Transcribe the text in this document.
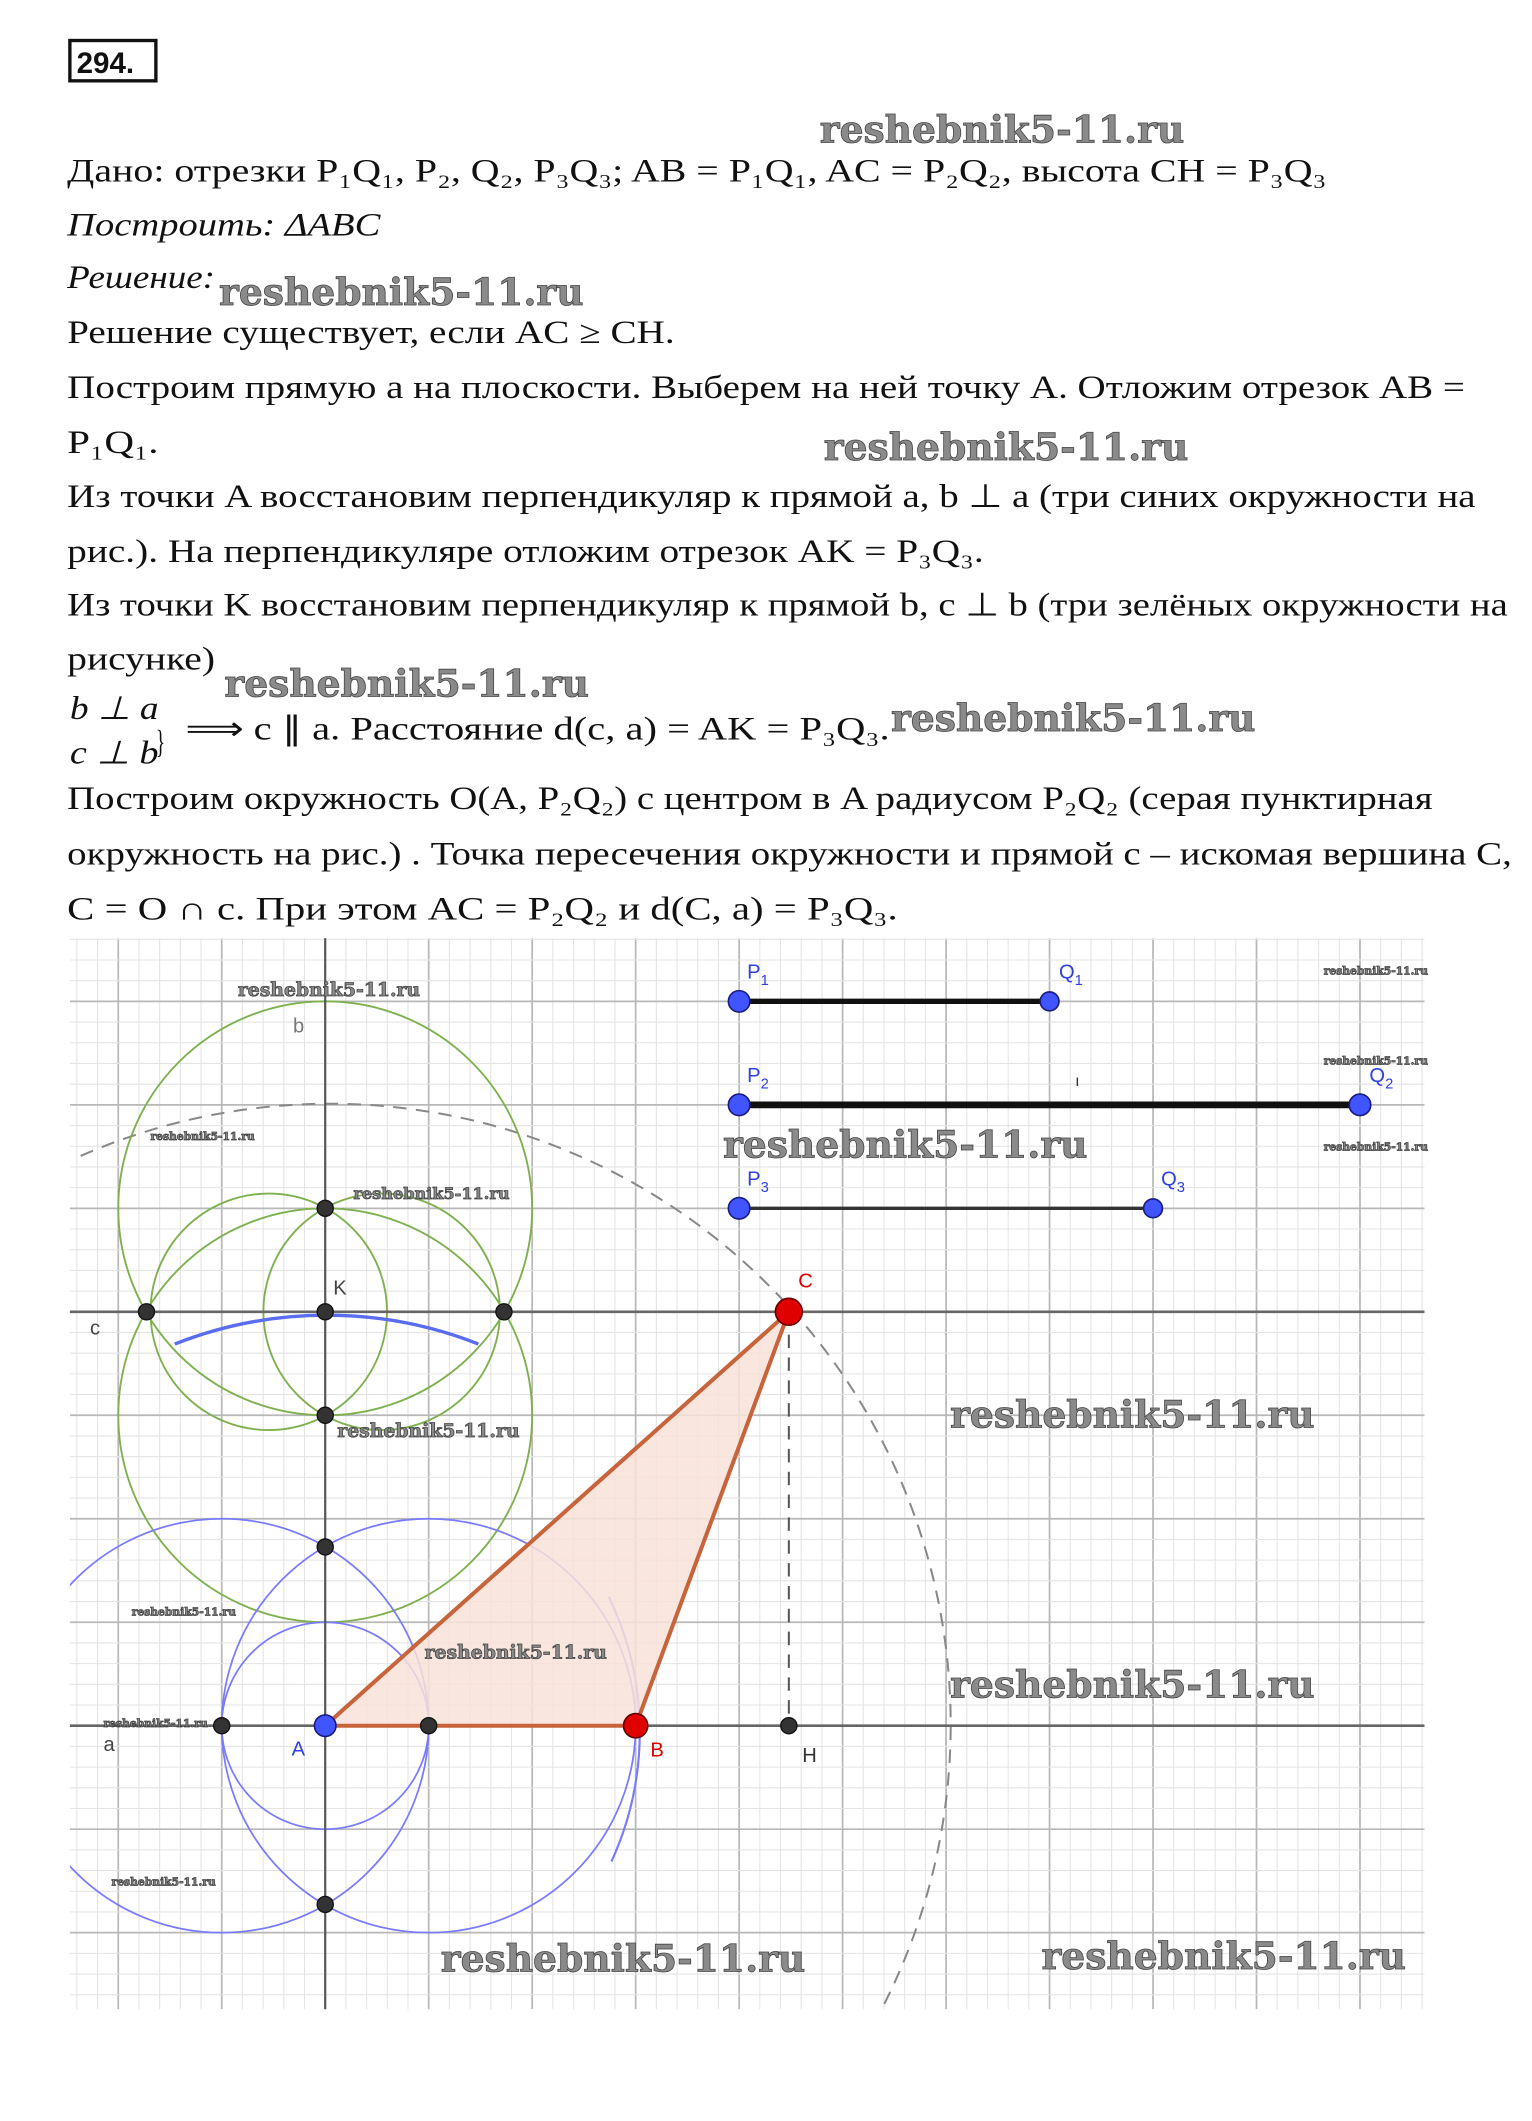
294.
Дано: отрезки P₁Q₁, P₂, Q₂, P₃Q₃; AB = P₁Q₁, AC = P₂Q₂, высота CH = P₃Q₃
Построить: ΔABC
Решение:
Решение существует, если AC ≥ CH.
Построим прямую a на плоскости. Выберем на ней точку A. Отложим отрезок AB =
P₁Q₁.
Из точки A восстановим перпендикуляр к прямой a, b ⊥ a (три синих окружности на
рис.). На перпендикуляре отложим отрезок AK = P₃Q₃.
Из точки K восстановим перпендикуляр к прямой b, c ⊥ b (три зелёных окружности на
рисунке)
b ⊥ a
c ⊥ b
} ⟹ c ∥ a. Расстояние d(c, a) = AK = P₃Q₃.
Построим окружность O(A, P₂Q₂) с центром в A радиусом P₂Q₂ (серая пунктирная
окружность на рис.) . Точка пересечения окружности и прямой c – искомая вершина C,
C = O ∩ c. При этом AC = P₂Q₂ и d(C, a) = P₃Q₃.
A	B
C
H
K
a
b
c
$P_1$	$Q_1$
$P_2$	$Q_2$
$P_3$	$Q_3$
ı
reshebnik5-11.ru
reshebnik5-11.ru
reshebnik5-11.ru
reshebnik5-11.ru
reshebnik5-11.ru
reshebnik5-11.ru
reshebnik5-11.ru
reshebnik5-11.ru
reshebnik5-11.ru
reshebnik5-11.ru	reshebnik5-11.ru
reshebnik5-11.ru
reshebnik5-11.ru
reshebnik5-11.ru
reshebnik5-11.ru
reshebnik5-11.ru
reshebnik5-11.ru	reshebnik5-11.ru
reshebnik5-11.ru
reshebnik5-11.ru
reshebnik5-11.ru
